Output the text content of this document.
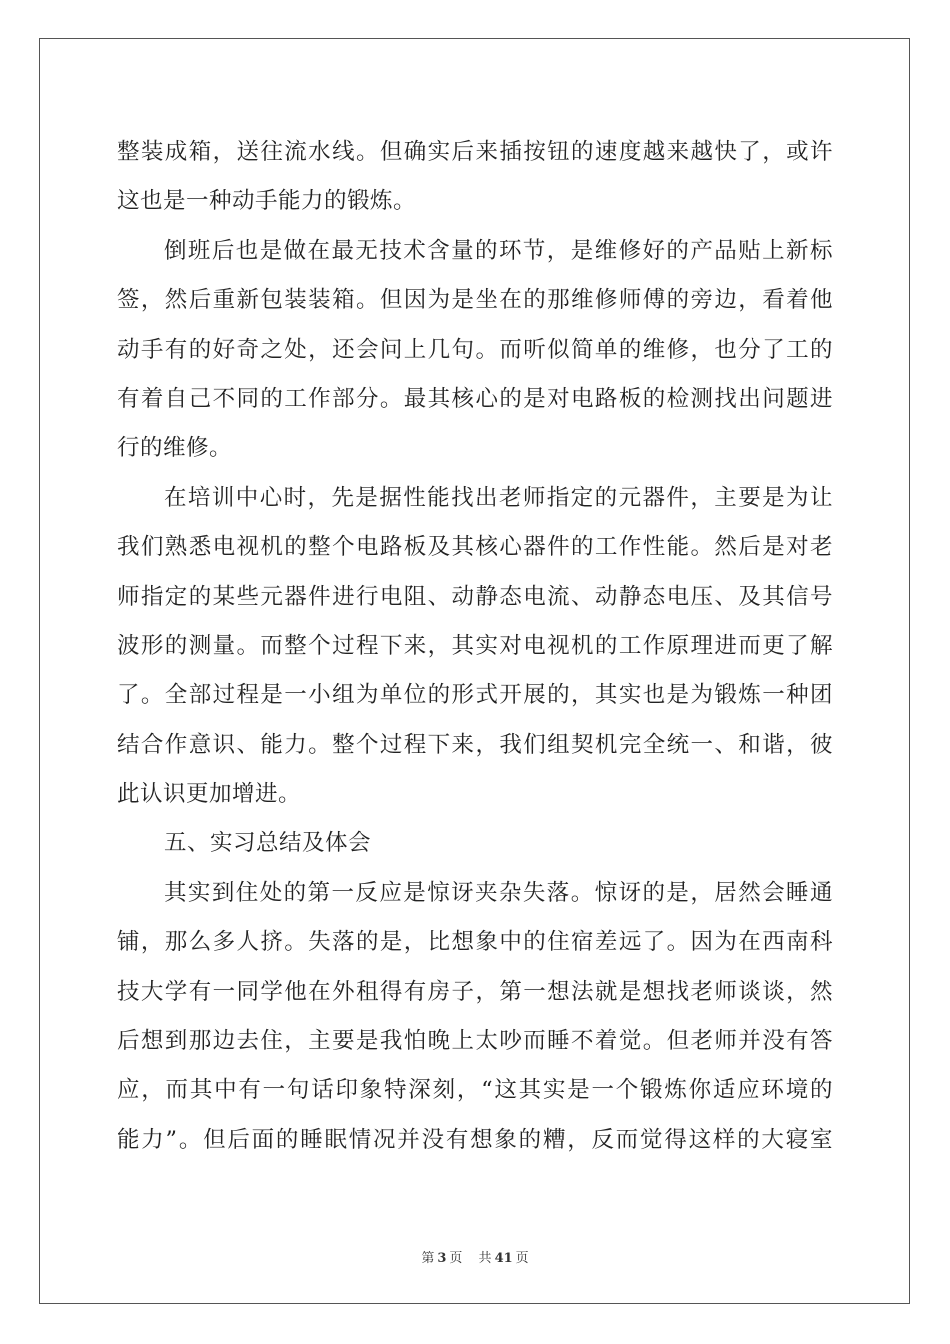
整装成箱，送往流水线。但确实后来插按钮的速度越来越快了，或许
这也是一种动手能力的锻炼。
倒班后也是做在最无技术含量的环节，是维修好的产品贴上新标
签，然后重新包装装箱。但因为是坐在的那维修师傅的旁边，看着他
动手有的好奇之处，还会问上几句。而听似简单的维修，也分了工的
有着自己不同的工作部分。最其核心的是对电路板的检测找出问题进
行的维修。
在培训中心时，先是据性能找出老师指定的元器件，主要是为让
我们熟悉电视机的整个电路板及其核心器件的工作性能。然后是对老
师指定的某些元器件进行电阻、动静态电流、动静态电压、及其信号
波形的测量。而整个过程下来，其实对电视机的工作原理进而更了解
了。全部过程是一小组为单位的形式开展的，其实也是为锻炼一种团
结合作意识、能力。整个过程下来，我们组契机完全统一、和谐，彼
此认识更加增进。
五、实习总结及体会
其实到住处的第一反应是惊讶夹杂失落。惊讶的是，居然会睡通
铺，那么多人挤。失落的是，比想象中的住宿差远了。因为在西南科
技大学有一同学他在外租得有房子，第一想法就是想找老师谈谈，然
后想到那边去住，主要是我怕晚上太吵而睡不着觉。但老师并没有答
应，而其中有一句话印象特深刻，“这其实是一个锻炼你适应环境的
能力”。但后面的睡眠情况并没有想象的糟，反而觉得这样的大寝室
第 3 页 共 41 页
